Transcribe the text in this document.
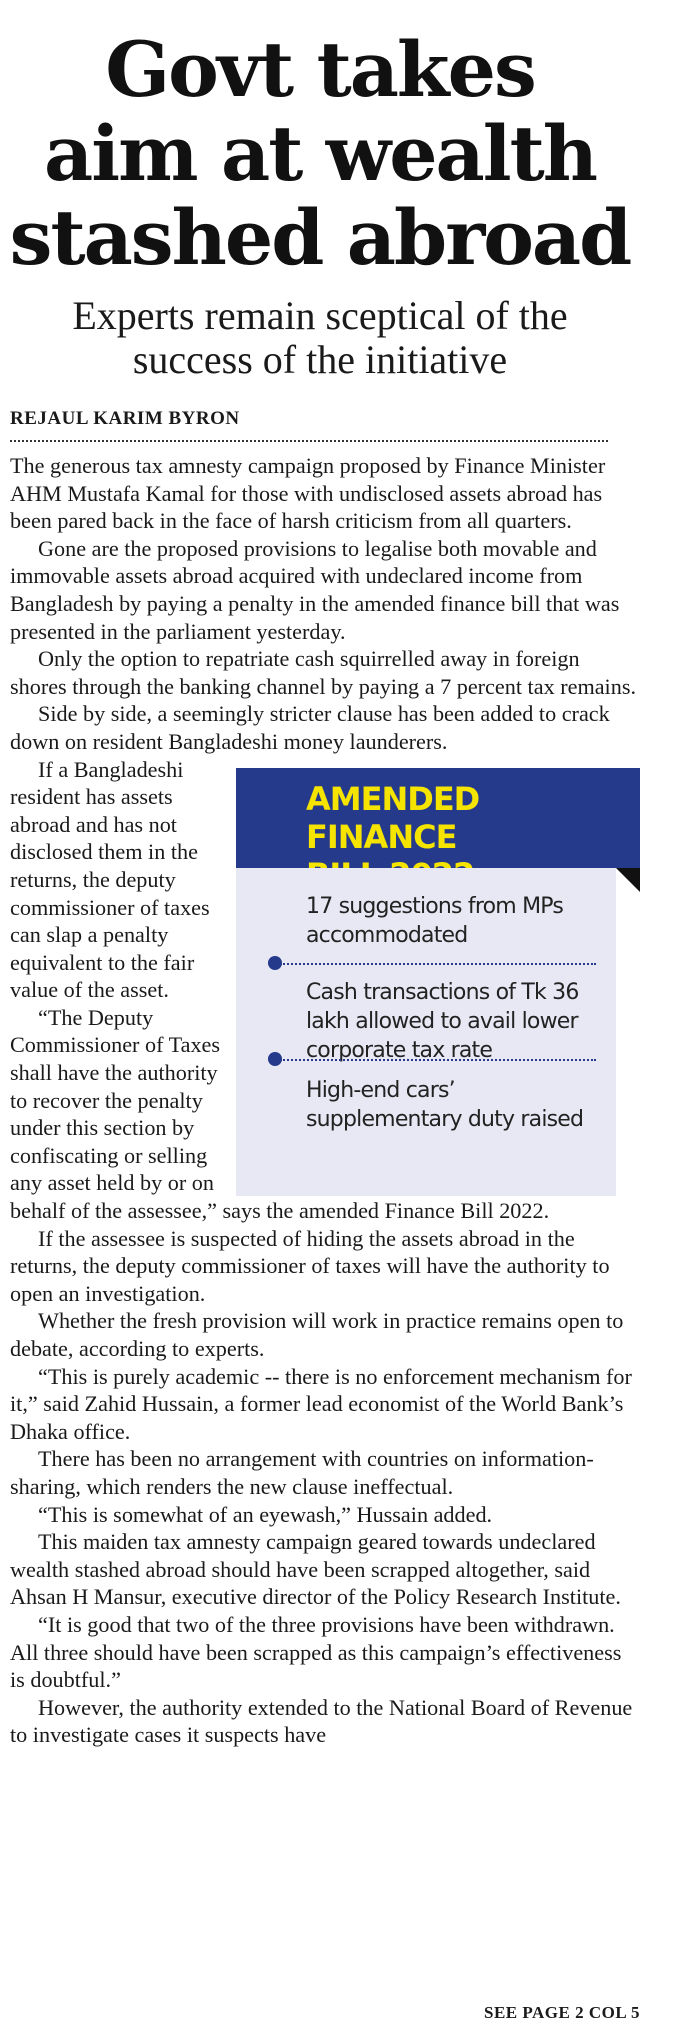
Govt takes
aim at wealth
stashed abroad
Experts remain sceptical of the
success of the initiative
REJAUL KARIM BYRON

The generous tax amnesty campaign proposed by Finance Minister AHM Mustafa Kamal for those with undisclosed assets abroad has been pared back in the face of harsh criticism from all quarters.

Gone are the proposed provisions to legalise both movable and immovable assets abroad acquired with undeclared income from Bangladesh by paying a penalty in the amended finance bill that was presented in the parliament yesterday.

Only the option to repatriate cash squirrelled away in foreign shores through the banking channel by paying a 7 percent tax remains.

Side by side, a seemingly stricter clause has been added to crack down on resident Bangladeshi money launderers.

AMENDED FINANCE

17 suggestions from MPs accommodated
Cash transactions of Tk 36 lakh allowed to avail lower corporate tax rate
High-end cars’ supplementary duty raised

If a Bangladeshi resident has assets abroad and has not disclosed them in the returns, the deputy commissioner of taxes can slap a penalty equivalent to the fair value of the asset.

“The Deputy Commissioner of Taxes shall have the authority to recover the penalty under this section by confiscating or selling any asset held by or on behalf of the assessee,” says the amended Finance Bill 2022.

If the assessee is suspected of hiding the assets abroad in the returns, the deputy commissioner of taxes will have the authority to open an investigation.

Whether the fresh provision will work in practice remains open to debate, according to experts.

“This is purely academic -- there is no enforcement mechanism for it,” said Zahid Hussain, a former lead economist of the World Bank’s Dhaka office.

There has been no arrangement with countries on information-sharing, which renders the new clause ineffectual.

“This is somewhat of an eyewash,” Hussain added.

This maiden tax amnesty campaign geared towards undeclared wealth stashed abroad should have been scrapped altogether, said Ahsan H Mansur, executive director of the Policy Research Institute.

“It is good that two of the three provisions have been withdrawn. All three should have been scrapped as this campaign’s effectiveness is doubtful.”

However, the authority extended to the National Board of Revenue to investigate cases it suspects have

SEE PAGE 2 COL 5
